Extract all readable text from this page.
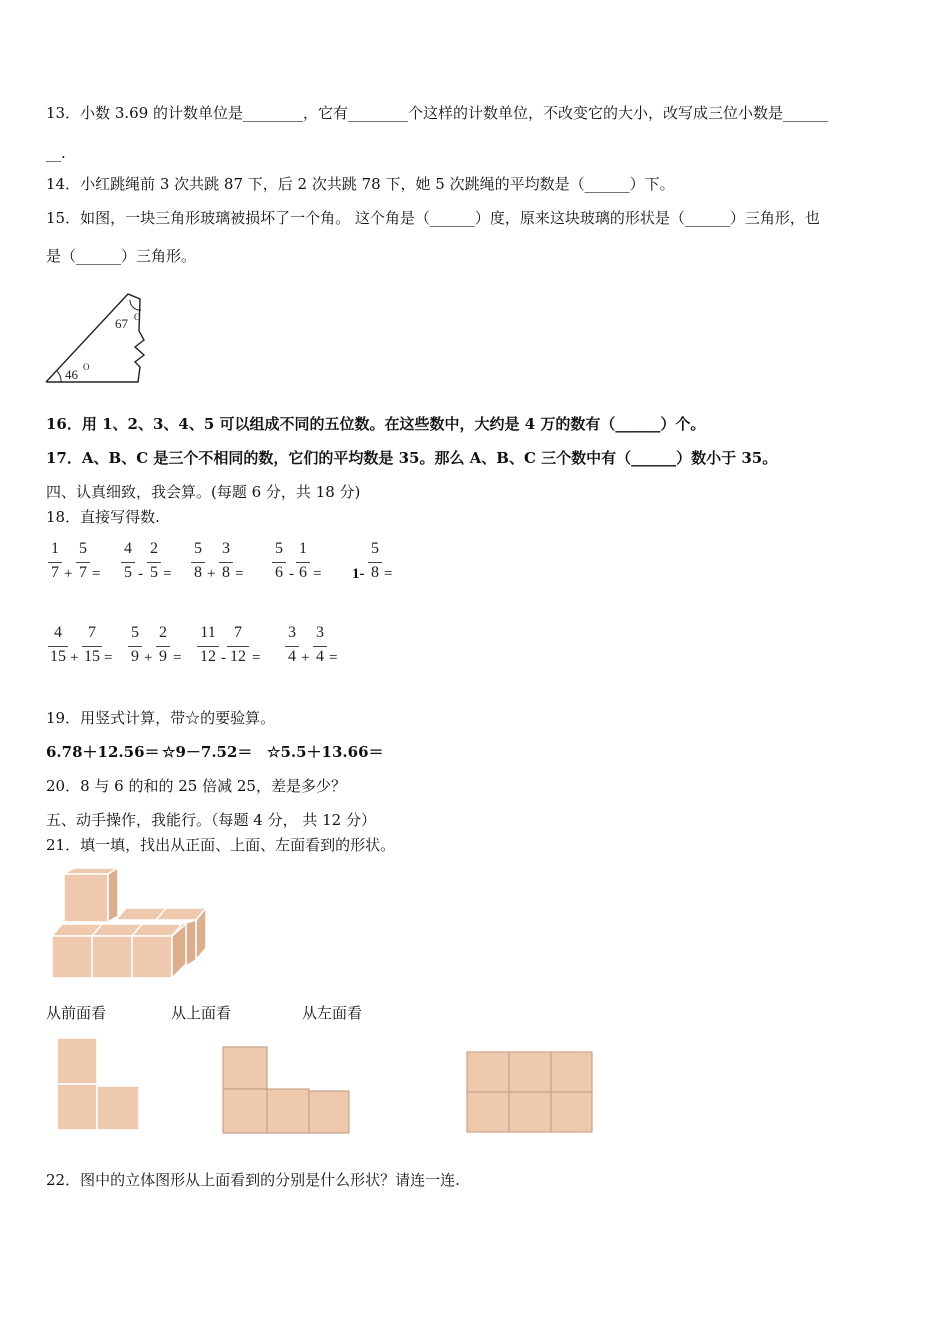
13．小数 3.69 的计数单位是________，它有________个这样的计数单位，不改变它的大小，改写成三位小数是______
__.
14．小红跳绳前 3 次共跳 87 下，后 2 次共跳 78 下，她 5 次跳绳的平均数是（______）下。
15．如图，一块三角形玻璃被损坏了一个角。 这个角是（______）度，原来这块玻璃的形状是（______）三角形，也
是（______）三角形。
67 O
46 O
16．用 1、2、3、4、5 可以组成不同的五位数。在这些数中，大约是 4 万的数有（______）个。
17．A、B、C 是三个不相同的数，它们的平均数是 35。那么 A、B、C 三个数中有（______）数小于 35。
四、认真细致，我会算。(每题 6 分，共 18 分)
18．直接写得数.
1
7 +
5
7 =
4
5 -
2
5 =
5
8 +
3
8 =
5
6 -
1
6 = 1-
5
8 =
4
15 +
7
15 =
5
9 +
2
9 =
11
12 -
7
12 =
3
4 +
3
4 =
19．用竖式计算，带☆的要验算。
6.78＋12.56＝ ☆9－7.52＝ ☆5.5＋13.66＝
20．8 与 6 的和的 25 倍减 25，差是多少？
五、动手操作，我能行。（每题 4 分， 共 12 分）
21．填一填，找出从正面、上面、左面看到的形状。
从前面看	从上面看	从左面看
22．图中的立体图形从上面看到的分别是什么形状？请连一连.
